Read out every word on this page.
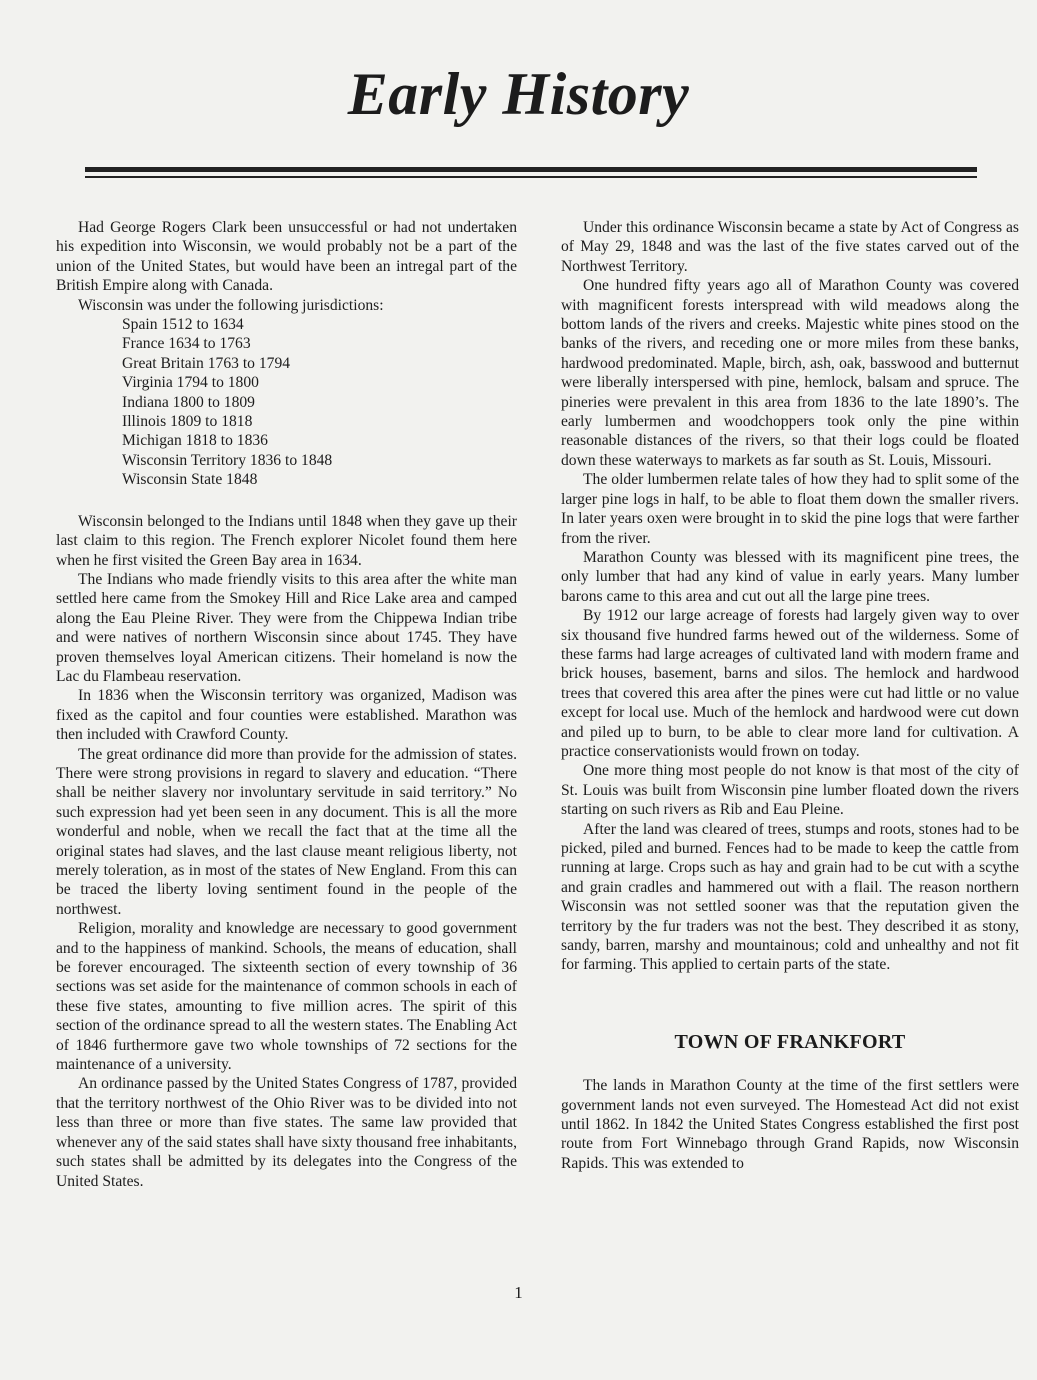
Early History

Had George Rogers Clark been unsuccessful or had not undertaken his expedition into Wisconsin, we would probably not be a part of the union of the United States, but would have been an intregal part of the British Empire along with Canada.

Wisconsin was under the following jurisdictions:

Spain 1512 to 1634
France 1634 to 1763
Great Britain 1763 to 1794
Virginia 1794 to 1800
Indiana 1800 to 1809
Illinois 1809 to 1818
Michigan 1818 to 1836
Wisconsin Territory 1836 to 1848
Wisconsin State 1848

Wisconsin belonged to the Indians until 1848 when they gave up their last claim to this region. The French explorer Nicolet found them here when he first visited the Green Bay area in 1634.

The Indians who made friendly visits to this area after the white man settled here came from the Smokey Hill and Rice Lake area and camped along the Eau Pleine River. They were from the Chippewa Indian tribe and were natives of northern Wisconsin since about 1745. They have proven themselves loyal American citizens. Their homeland is now the Lac du Flambeau reservation.

In 1836 when the Wisconsin territory was organized, Madison was fixed as the capitol and four counties were established. Marathon was then included with Crawford County.

The great ordinance did more than provide for the admission of states. There were strong provisions in regard to slavery and education. “There shall be neither slavery nor involuntary servitude in said territory.” No such expression had yet been seen in any document. This is all the more wonderful and noble, when we recall the fact that at the time all the original states had slaves, and the last clause meant religious liberty, not merely toleration, as in most of the states of New England. From this can be traced the liberty loving sentiment found in the people of the northwest.

Religion, morality and knowledge are necessary to good government and to the happiness of mankind. Schools, the means of education, shall be forever encouraged. The sixteenth section of every township of 36 sections was set aside for the maintenance of common schools in each of these five states, amounting to five million acres. The spirit of this section of the ordinance spread to all the western states. The Enabling Act of 1846 furthermore gave two whole townships of 72 sections for the maintenance of a university.

An ordinance passed by the United States Congress of 1787, provided that the territory northwest of the Ohio River was to be divided into not less than three or more than five states. The same law provided that whenever any of the said states shall have sixty thousand free inhabitants, such states shall be admitted by its delegates into the Congress of the United States.

Under this ordinance Wisconsin became a state by Act of Congress as of May 29, 1848 and was the last of the five states carved out of the Northwest Territory.

One hundred fifty years ago all of Marathon County was covered with magnificent forests interspread with wild meadows along the bottom lands of the rivers and creeks. Majestic white pines stood on the banks of the rivers, and receding one or more miles from these banks, hardwood predominated. Maple, birch, ash, oak, basswood and butternut were liberally interspersed with pine, hemlock, balsam and spruce. The pineries were prevalent in this area from 1836 to the late 1890’s. The early lumbermen and woodchoppers took only the pine within reasonable distances of the rivers, so that their logs could be floated down these waterways to markets as far south as St. Louis, Missouri.

The older lumbermen relate tales of how they had to split some of the larger pine logs in half, to be able to float them down the smaller rivers. In later years oxen were brought in to skid the pine logs that were farther from the river.

Marathon County was blessed with its magnificent pine trees, the only lumber that had any kind of value in early years. Many lumber barons came to this area and cut out all the large pine trees.

By 1912 our large acreage of forests had largely given way to over six thousand five hundred farms hewed out of the wilderness. Some of these farms had large acreages of cultivated land with modern frame and brick houses, basement, barns and silos. The hemlock and hardwood trees that covered this area after the pines were cut had little or no value except for local use. Much of the hemlock and hardwood were cut down and piled up to burn, to be able to clear more land for cultivation. A practice conservationists would frown on today.

One more thing most people do not know is that most of the city of St. Louis was built from Wisconsin pine lumber floated down the rivers starting on such rivers as Rib and Eau Pleine.

After the land was cleared of trees, stumps and roots, stones had to be picked, piled and burned. Fences had to be made to keep the cattle from running at large. Crops such as hay and grain had to be cut with a scythe and grain cradles and hammered out with a flail. The reason northern Wisconsin was not settled sooner was that the reputation given the territory by the fur traders was not the best. They described it as stony, sandy, barren, marshy and mountainous; cold and unhealthy and not fit for farming. This applied to certain parts of the state.

TOWN OF FRANKFORT

The lands in Marathon County at the time of the first settlers were government lands not even surveyed. The Homestead Act did not exist until 1862. In 1842 the United States Congress established the first post route from Fort Winnebago through Grand Rapids, now Wisconsin Rapids. This was extended to

1
